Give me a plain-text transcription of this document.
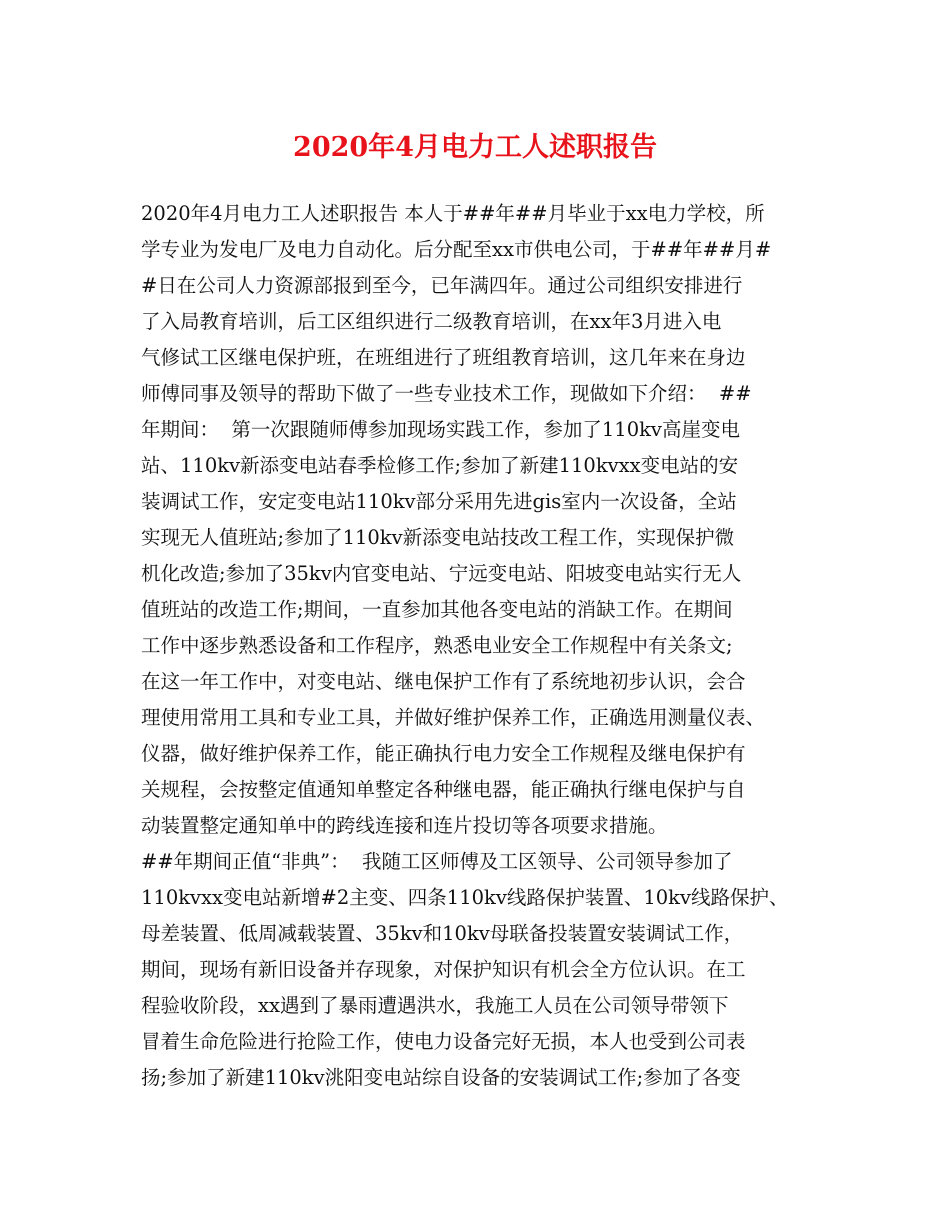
2020年4月电力工人述职报告
2020年4月电力工人述职报告 本人于##年##月毕业于xx电力学校，所
学专业为发电厂及电力自动化。后分配至xx市供电公司，于##年##月#
#日在公司人力资源部报到至今，已年满四年。通过公司组织安排进行
了入局教育培训，后工区组织进行二级教育培训，在xx年3月进入电
气修试工区继电保护班，在班组进行了班组教育培训，这几年来在身边
师傅同事及领导的帮助下做了一些专业技术工作，现做如下介绍：  ##
年期间：  第一次跟随师傅参加现场实践工作，参加了110kv高崖变电
站、110kv新添变电站春季检修工作;参加了新建110kvxx变电站的安
装调试工作，安定变电站110kv部分采用先进gis室内一次设备，全站
实现无人值班站;参加了110kv新添变电站技改工程工作，实现保护微
机化改造;参加了35kv内官变电站、宁远变电站、阳坡变电站实行无人
值班站的改造工作;期间，一直参加其他各变电站的消缺工作。在期间
工作中逐步熟悉设备和工作程序，熟悉电业安全工作规程中有关条文;
在这一年工作中，对变电站、继电保护工作有了系统地初步认识，会合
理使用常用工具和专业工具，并做好维护保养工作，正确选用测量仪表、
仪器，做好维护保养工作，能正确执行电力安全工作规程及继电保护有
关规程，会按整定值通知单整定各种继电器，能正确执行继电保护与自
动装置整定通知单中的跨线连接和连片投切等各项要求措施。
##年期间正值“非典”：  我随工区师傅及工区领导、公司领导参加了
110kvxx变电站新增#2主变、四条110kv线路保护装置、10kv线路保护、
母差装置、低周减载装置、35kv和10kv母联备投装置安装调试工作，
期间，现场有新旧设备并存现象，对保护知识有机会全方位认识。在工
程验收阶段，xx遇到了暴雨遭遇洪水，我施工人员在公司领导带领下
冒着生命危险进行抢险工作，使电力设备完好无损，本人也受到公司表
扬;参加了新建110kv洮阳变电站综自设备的安装调试工作;参加了各变
